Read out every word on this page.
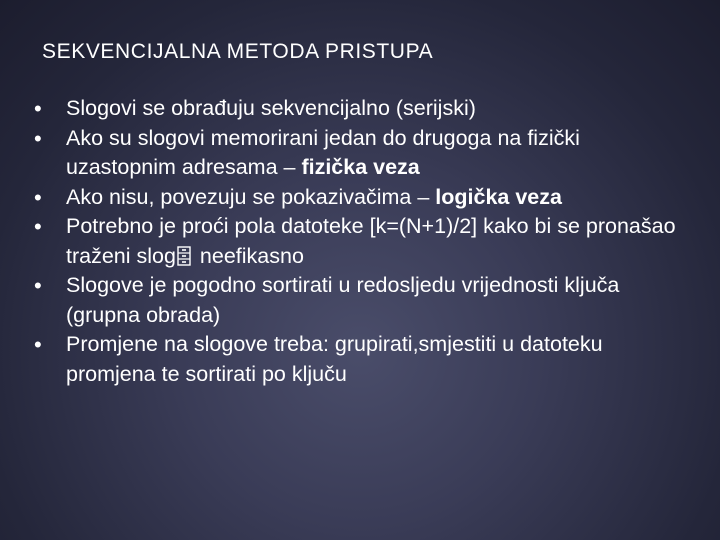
SEKVENCIJALNA METODA PRISTUPA
• Slogovi se obrađuju sekvencijalno (serijski)
• Ako su slogovi memorirani jedan do drugoga na fizički uzastopnim adresama – fizička veza
• Ako nisu, povezuju se pokazivačima – logička veza
• Potrebno je proći pola datoteke [k=(N+1)/2] kako bi se pronašao traženi slog neefikasno
• Slogove je pogodno sortirati u redosljedu vrijednosti ključa (grupna obrada)
• Promjene na slogove treba: grupirati,smjestiti u datoteku promjena te sortirati po ključu
